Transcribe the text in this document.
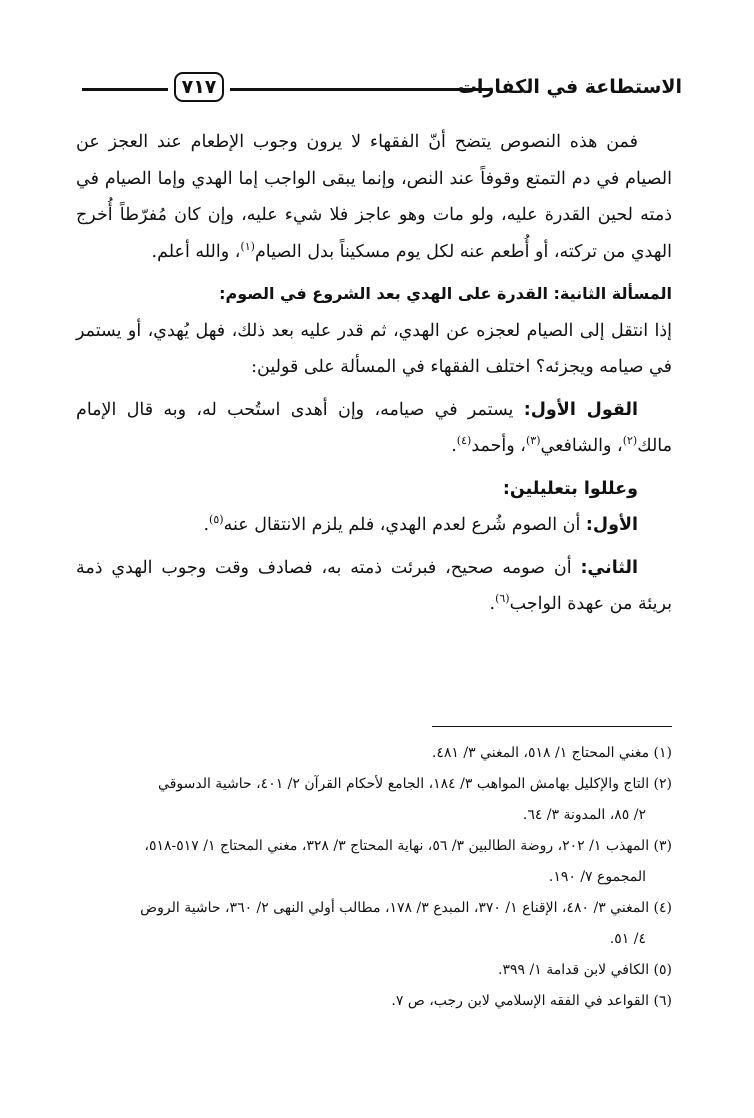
الاستطاعة في الكفارات
٧١٧

فمن هذه النصوص يتضح أنّ الفقهاء لا يرون وجوب الإطعام عند العجز عن الصيام في دم التمتع وقوفاً عند النص، وإنما يبقى الواجب إما الهدي وإما الصيام في ذمته لحين القدرة عليه، ولو مات وهو عاجز فلا شيء عليه، وإن كان مُفرّطاً أُخرج الهدي من تركته، أو أُطعم عنه لكل يوم مسكيناً بدل الصيام$^{(١)}$، والله أعلم.

المسألة الثانية: القدرة على الهدي بعد الشروع في الصوم:

إذا انتقل إلى الصيام لعجزه عن الهدي، ثم قدر عليه بعد ذلك، فهل يُهدي، أو يستمر في صيامه ويجزئه؟ اختلف الفقهاء في المسألة على قولين:

القول الأول: يستمر في صيامه، وإن أهدى استُحب له، وبه قال الإمام مالك$^{(٢)}$، والشافعي$^{(٣)}$، وأحمد$^{(٤)}$.

وعللوا بتعليلين:

الأول: أن الصوم شُرع لعدم الهدي، فلم يلزم الانتقال عنه$^{(٥)}$.

الثاني: أن صومه صحيح، فبرئت ذمته به، فصادف وقت وجوب الهدي ذمة بريئة من عهدة الواجب$^{(٦)}$.

(١) مغني المحتاج ١/ ٥١٨، المغني ٣/ ٤٨١.

(٢) التاج والإكليل بهامش المواهب ٣/ ١٨٤، الجامع لأحكام القرآن ٢/ ٤٠١، حاشية الدسوقي

٢/ ٨٥، المدونة ٣/ ٦٤.

(٣) المهذب ١/ ٢٠٢، روضة الطالبين ٣/ ٥٦، نهاية المحتاج ٣/ ٣٢٨، مغني المحتاج ١/ ٥١٧-٥١٨،

المجموع ٧/ ١٩٠.

(٤) المغني ٣/ ٤٨٠، الإقناع ١/ ٣٧٠، المبدع ٣/ ١٧٨، مطالب أولي النهى ٢/ ٣٦٠، حاشية الروض

٤/ ٥١.

(٥) الكافي لابن قدامة ١/ ٣٩٩.

(٦) القواعد في الفقه الإسلامي لابن رجب، ص ٧.
